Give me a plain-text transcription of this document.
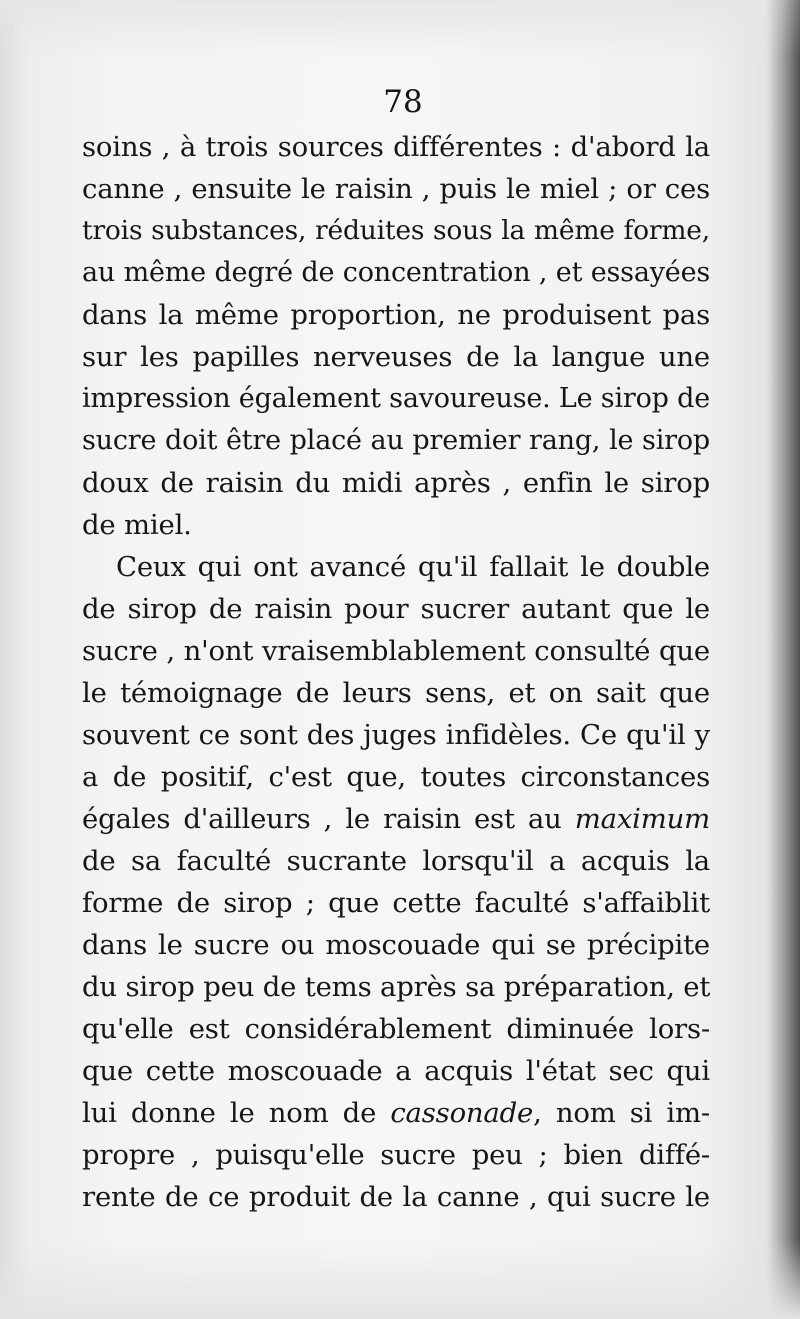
78
soins , à trois sources différentes : d'abord la
canne , ensuite le raisin , puis le miel ; or ces
trois substances, réduites sous la même forme,
au même degré de concentration , et essayées
dans la même proportion, ne produisent pas
sur les papilles nerveuses de la langue une
impression également savoureuse. Le sirop de
sucre doit être placé au premier rang, le sirop
doux de raisin du midi après , enfin le sirop
de miel.
Ceux qui ont avancé qu'il fallait le double
de sirop de raisin pour sucrer autant que le
sucre , n'ont vraisemblablement consulté que
le témoignage de leurs sens, et on sait que
souvent ce sont des juges infidèles. Ce qu'il y
a de positif, c'est que, toutes circonstances
égales d'ailleurs , le raisin est au maximum
de sa faculté sucrante lorsqu'il a acquis la
forme de sirop ; que cette faculté s'affaiblit
dans le sucre ou moscouade qui se précipite
du sirop peu de tems après sa préparation, et
qu'elle est considérablement diminuée lors-
que cette moscouade a acquis l'état sec qui
lui donne le nom de cassonade, nom si im-
propre , puisqu'elle sucre peu ; bien diffé-
rente de ce produit de la canne , qui sucre le
